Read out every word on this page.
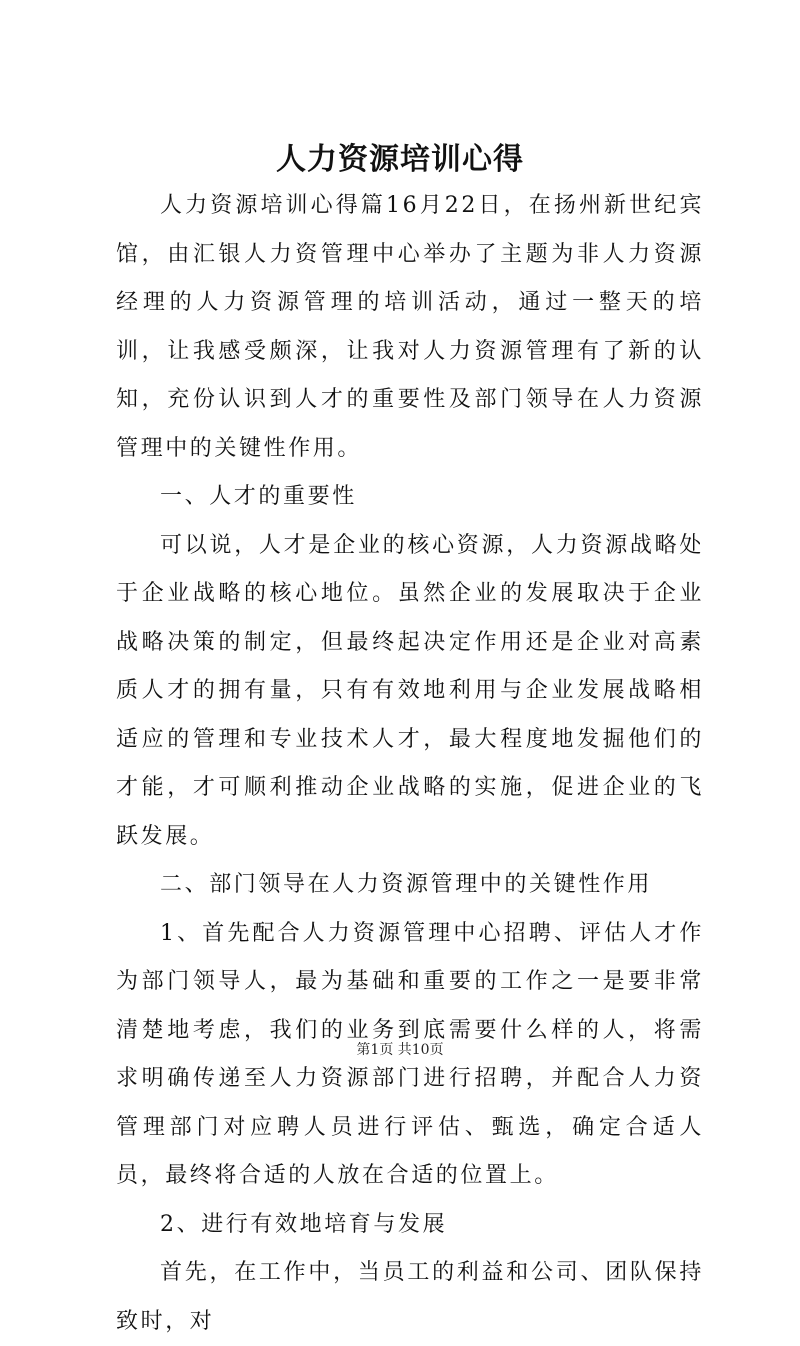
人力资源培训心得

人力资源培训心得篇16月22日，在扬州新世纪宾馆，由汇银人力资管理中心举办了主题为非人力资源经理的人力资源管理的培训活动，通过一整天的培训，让我感受颇深，让我对人力资源管理有了新的认知，充份认识到人才的重要性及部门领导在人力资源管理中的关键性作用。

一、人才的重要性

可以说，人才是企业的核心资源，人力资源战略处于企业战略的核心地位。虽然企业的发展取决于企业战略决策的制定，但最终起决定作用还是企业对高素质人才的拥有量，只有有效地利用与企业发展战略相适应的管理和专业技术人才，最大程度地发掘他们的才能，才可顺利推动企业战略的实施，促进企业的飞跃发展。

二、部门领导在人力资源管理中的关键性作用

1、首先配合人力资源管理中心招聘、评估人才作为部门领导人，最为基础和重要的工作之一是要非常清楚地考虑，我们的业务到底需要什么样的人，将需求明确传递至人力资源部门进行招聘，并配合人力资管理部门对应聘人员进行评估、甄选，确定合适人员，最终将合适的人放在合适的位置上。

2、进行有效地培育与发展

首先，在工作中，当员工的利益和公司、团队保持致时，对

第1页 共10页
